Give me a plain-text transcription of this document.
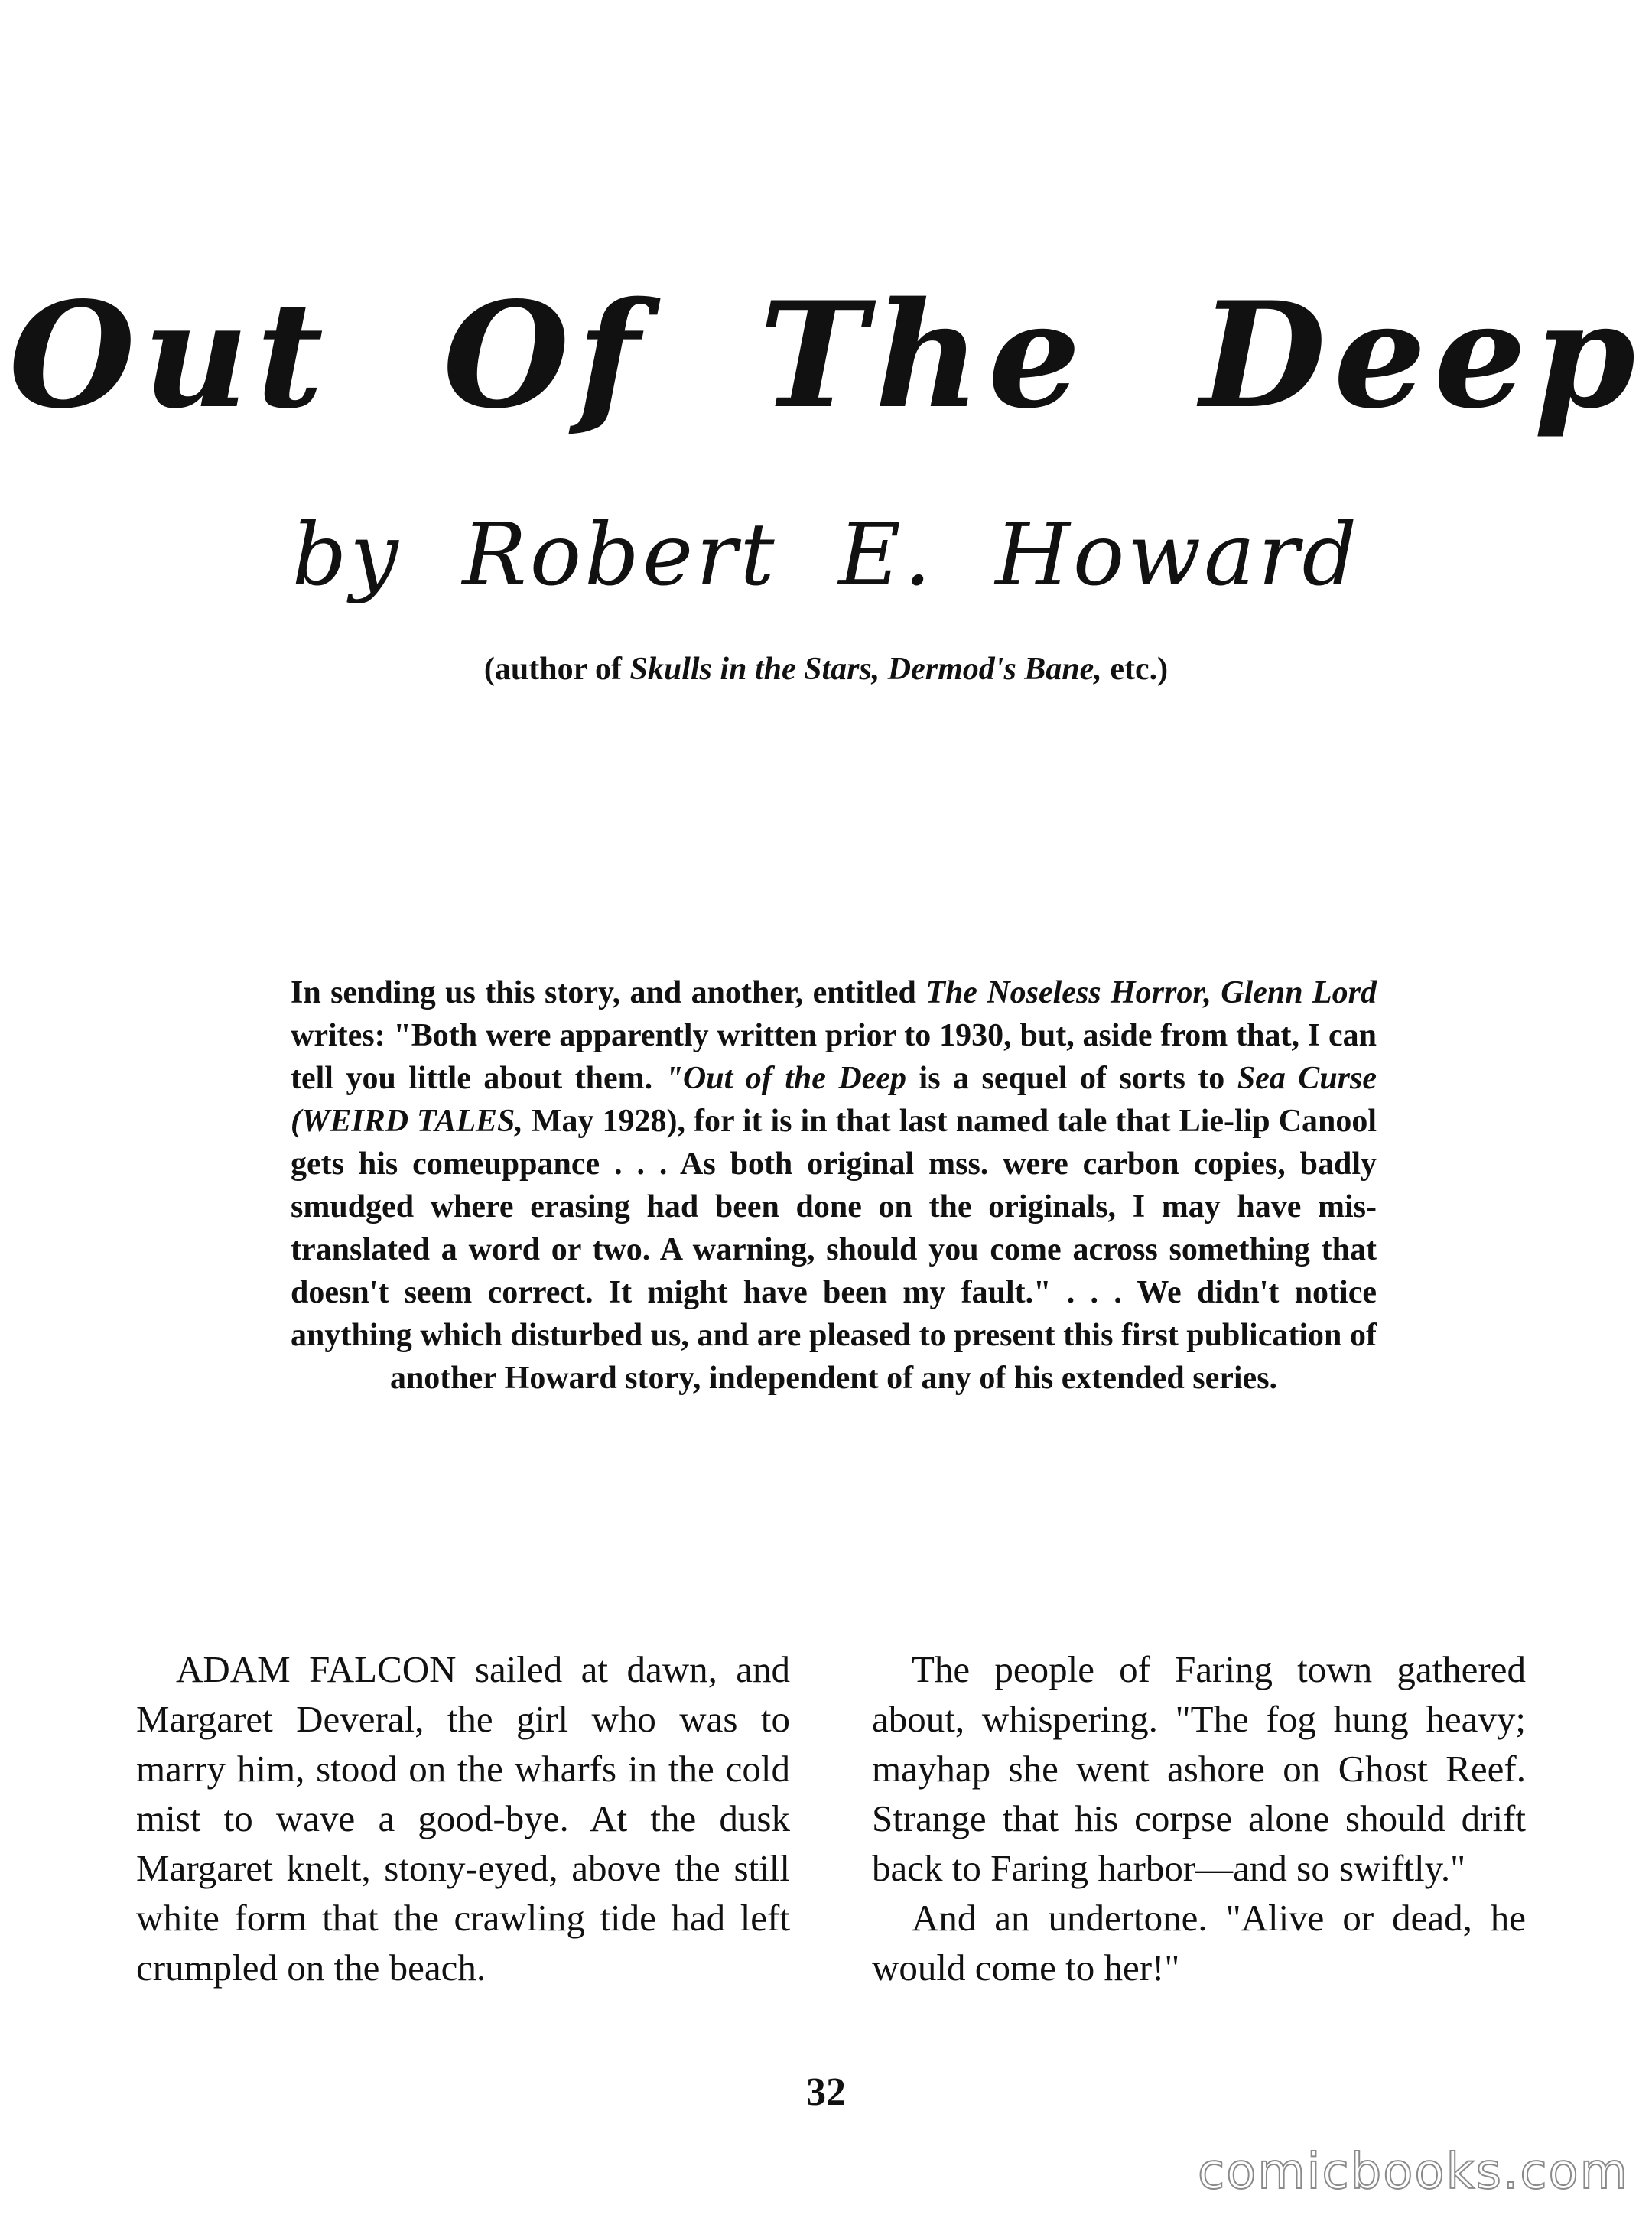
Out Of The Deep
by Robert E. Howard
(author of Skulls in the Stars, Dermod's Bane, etc.)
In sending us this story, and another, entitled The Noseless Horror, Glenn Lord writes: "Both were apparently written prior to 1930, but, aside from that, I can tell you little about them. "Out of the Deep is a sequel of sorts to Sea Curse (WEIRD TALES, May 1928), for it is in that last named tale that Lie-lip Canool gets his comeuppance . . . As both original mss. were carbon copies, badly smudged where erasing had been done on the originals, I may have mis-translated a word or two. A warning, should you come across something that doesn't seem correct. It might have been my fault." . . . We didn't notice anything which disturbed us, and are pleased to present this first publication of another Howard story, independent of any of his extended series.

ADAM FALCON sailed at dawn, and Margaret Deveral, the girl who was to marry him, stood on the wharfs in the cold mist to wave a good-bye. At the dusk Margaret knelt, stony-eyed, above the still white form that the crawling tide had left crumpled on the beach.

The people of Faring town gathered about, whispering. "The fog hung heavy; mayhap she went ashore on Ghost Reef. Strange that his corpse alone should drift back to Faring harbor—and so swiftly."

And an undertone. "Alive or dead, he would come to her!"

32
comicbooks.com
